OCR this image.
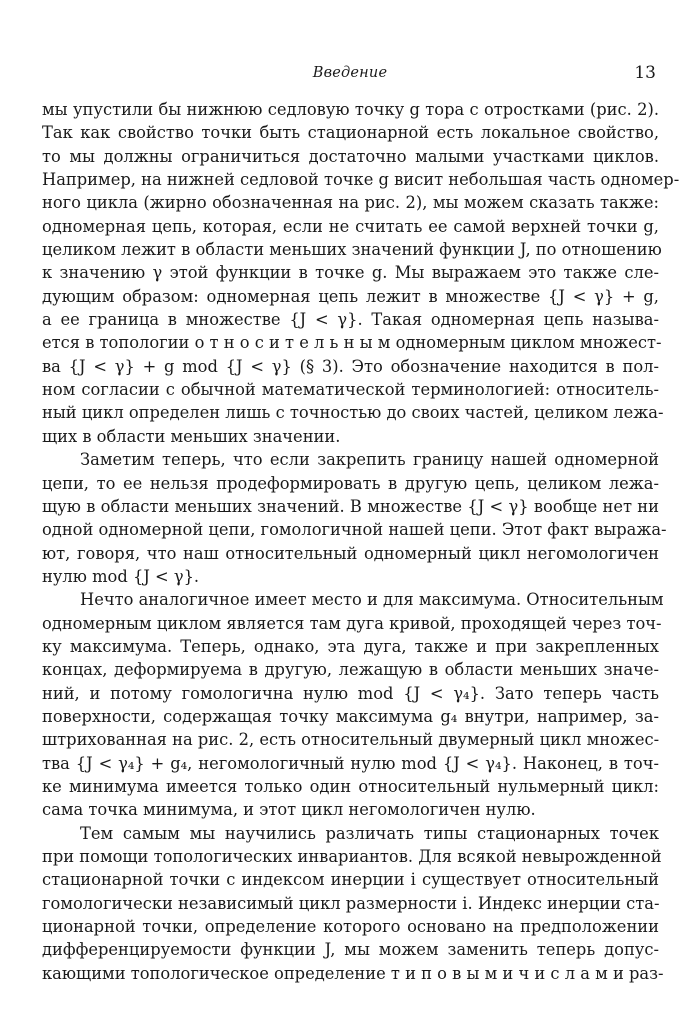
Введение	13
мы упустили бы нижнюю седловую точку g тора с отростками (рис. 2).
Так как свойство точки быть стационарной есть локальное свойство,
то мы должны ограничиться достаточно малыми участками циклов.
Например, на нижней седловой точке g висит небольшая часть одномер-
ного цикла (жирно обозначенная на рис. 2), мы можем сказать также:
одномерная цепь, которая, если не считать ее самой верхней точки g,
целиком лежит в области меньших значений функции J, по отношению
к значению γ этой функции в точке g. Мы выражаем это также сле-
дующим образом: одномерная цепь лежит в множестве {J < γ} + g,
а ее граница в множестве {J < γ}. Такая одномерная цепь называ-
ется в топологии о т н о с и т е л ь н ы м одномерным циклом множест-
ва {J < γ} + g mod {J < γ} (§ 3). Это обозначение находится в пол-
ном согласии с обычной математической терминологией: относитель-
ный цикл определен лишь с точностью до своих частей, целиком лежа-
щих в области меньших значении.
Заметим теперь, что если закрепить границу нашей одномерной
цепи, то ее нельзя продеформировать в другую цепь, целиком лежа-
щую в области меньших значений. В множестве {J < γ} вообще нет ни
одной одномерной цепи, гомологичной нашей цепи. Этот факт выража-
ют, говоря, что наш относительный одномерный цикл негомологичен
нулю mod {J < γ}.
Нечто аналогичное имеет место и для максимума. Относительным
одномерным циклом является там дуга кривой, проходящей через точ-
ку максимума. Теперь, однако, эта дуга, также и при закрепленных
концах, деформируема в другую, лежащую в области меньших значе-
ний, и потому гомологична нулю mod {J < γ₄}. Зато теперь часть
поверхности, содержащая точку максимума g₄ внутри, например, за-
штрихованная на рис. 2, есть относительный двумерный цикл множес-
тва {J < γ₄} + g₄, негомологичный нулю mod {J < γ₄}. Наконец, в точ-
ке минимума имеется только один относительный нульмерный цикл:
сама точка минимума, и этот цикл негомологичен нулю.
Тем самым мы научились различать типы стационарных точек
при помощи топологических инвариантов. Для всякой невырожденной
стационарной точки с индексом инерции i существует относительный
гомологически независимый цикл размерности i. Индекс инерции ста-
ционарной точки, определение которого основано на предположении
дифференцируемости функции J, мы можем заменить теперь допус-
кающими топологическое определение т и п о в ы м и ч и с л а м и раз-
